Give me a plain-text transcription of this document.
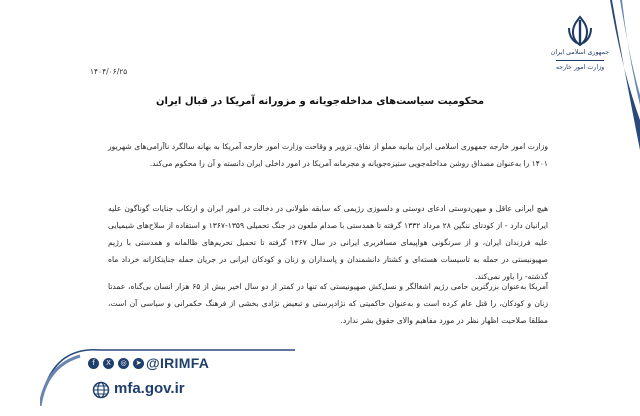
جمهوری اسلامی ایران
وزارت امور خارجه
۱۴۰۴/۰۶/۲۵
محکومیت سیاست‌های مداخله‌جویانه و مزورانه آمریکا در قبال ایران
وزارت امور خارجه جمهوری اسلامی ایران بیانیه مملو از نفاق، تزویر و وقاحت وزارت امور خارجه آمریکا به بهانه سالگرد ناآرامی‌های شهریور ۱۴۰۱ را به‌عنوان مصداق روشن مداخله‌جویی ستیزه‌جویانه و مجرمانه آمریکا در امور داخلی ایران دانسته و آن را محکوم می‌کند.
هیچ ایرانی عاقل و میهن‌دوستی ادعای دوستی و دلسوزی رژیمی که سابقه طولانی در دخالت در امور ایران و ارتکاب جنایات گوناگون علیه ایرانیان دارد - از کودتای ننگین ۲۸ مرداد ۱۳۳۲ گرفته تا همدستی با صدام ملعون در جنگ تحمیلی ۱۳۵۹-۱۳۶۷ و استفاده از سلاح‌های شیمیایی علیه فرزندان ایران، و از سرنگونی هواپیمای مسافربری ایرانی در سال ۱۳۶۷ گرفته تا تحمیل تحریم‌های ظالمانه و همدستی با رژیم صهیونیستی در حمله به تاسیسات هسته‌ای و کشتار دانشمندان و پاسداران و زنان و کودکان ایرانی در جریان حمله جنایتکارانه خرداد ماه گذشته- را باور نمی‌کند.
آمریکا به‌عنوان بزرگترین حامی رژیم اشغالگر و نسل‌کش صهیونیستی که تنها در کمتر از دو سال اخیر بیش از ۶۵ هزار انسان بی‌گناه، عمدتا زنان و کودکان، را قتل عام کرده است و به‌عنوان حاکمیتی که نژادپرستی و تبعیض نژادی بخشی از فرهنگ حکمرانی و سیاسی آن است، مطلقا صلاحیت اظهار نظر در مورد مفاهیم والای حقوق بشر ندارد.
f	X	◎	➤ @IRIMFA
mfa.gov.ir
